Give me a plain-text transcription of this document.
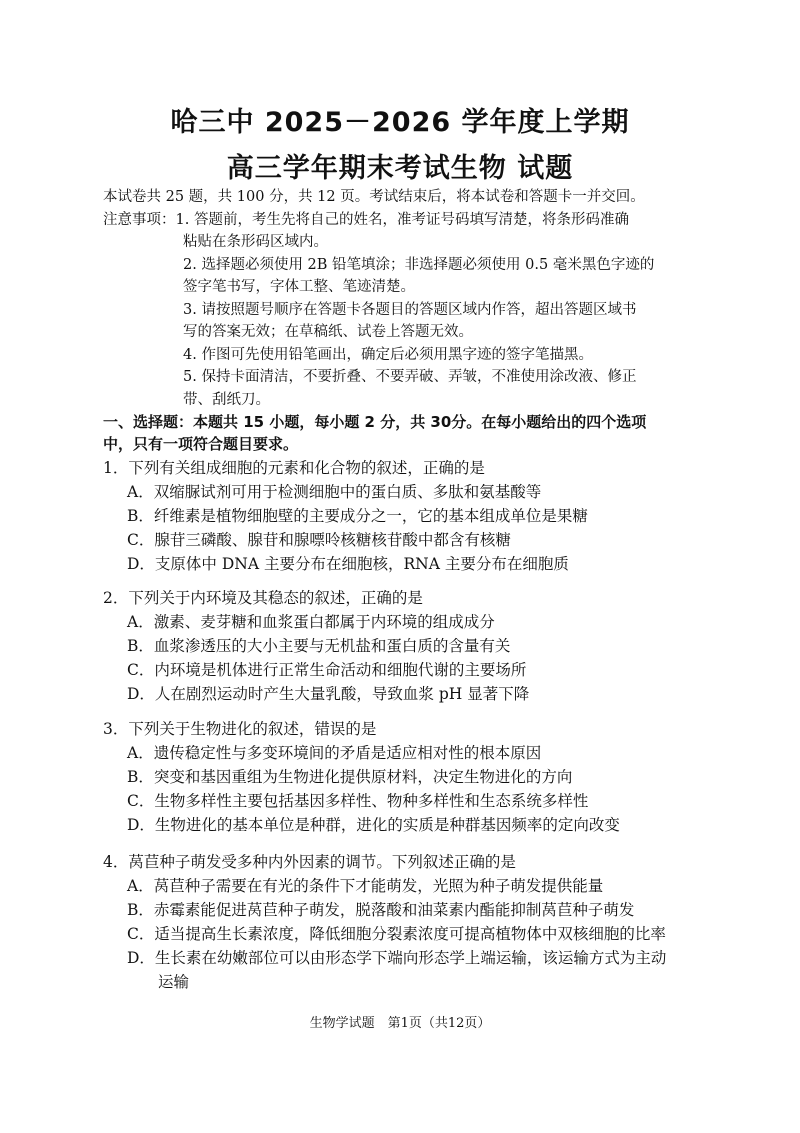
哈三中 2025－2026 学年度上学期
高三学年期末考试生物 试题
本试卷共 25 题，共 100 分，共 12 页。考试结束后，将本试卷和答题卡一并交回。
注意事项：1. 答题前，考生先将自己的姓名，准考证号码填写清楚，将条形码准确
粘贴在条形码区域内。
2. 选择题必须使用 2B 铅笔填涂；非选择题必须使用 0.5 毫米黑色字迹的
签字笔书写，字体工整、笔迹清楚。
3. 请按照题号顺序在答题卡各题目的答题区域内作答，超出答题区域书
写的答案无效；在草稿纸、试卷上答题无效。
4. 作图可先使用铅笔画出，确定后必须用黑字迹的签字笔描黑。
5. 保持卡面清洁，不要折叠、不要弄破、弄皱，不准使用涂改液、修正
带、刮纸刀。
一、选择题：本题共 15 小题，每小题 2 分，共 30分。在每小题给出的四个选项
中，只有一项符合题目要求。
1．下列有关组成细胞的元素和化合物的叙述，正确的是
A．双缩脲试剂可用于检测细胞中的蛋白质、多肽和氨基酸等
B．纤维素是植物细胞壁的主要成分之一，它的基本组成单位是果糖
C．腺苷三磷酸、腺苷和腺嘌呤核糖核苷酸中都含有核糖
D．支原体中 DNA 主要分布在细胞核，RNA 主要分布在细胞质
2．下列关于内环境及其稳态的叙述，正确的是
A．激素、麦芽糖和血浆蛋白都属于内环境的组成成分
B．血浆渗透压的大小主要与无机盐和蛋白质的含量有关
C．内环境是机体进行正常生命活动和细胞代谢的主要场所
D．人在剧烈运动时产生大量乳酸，导致血浆 pH 显著下降
3．下列关于生物进化的叙述，错误的是
A．遗传稳定性与多变环境间的矛盾是适应相对性的根本原因
B．突变和基因重组为生物进化提供原材料，决定生物进化的方向
C．生物多样性主要包括基因多样性、物种多样性和生态系统多样性
D．生物进化的基本单位是种群，进化的实质是种群基因频率的定向改变
4．莴苣种子萌发受多种内外因素的调节。下列叙述正确的是
A．莴苣种子需要在有光的条件下才能萌发，光照为种子萌发提供能量
B．赤霉素能促进莴苣种子萌发，脱落酸和油菜素内酯能抑制莴苣种子萌发
C．适当提高生长素浓度，降低细胞分裂素浓度可提高植物体中双核细胞的比率
D．生长素在幼嫩部位可以由形态学下端向形态学上端运输，该运输方式为主动
运输
生物学试题　第1页（共12页）
